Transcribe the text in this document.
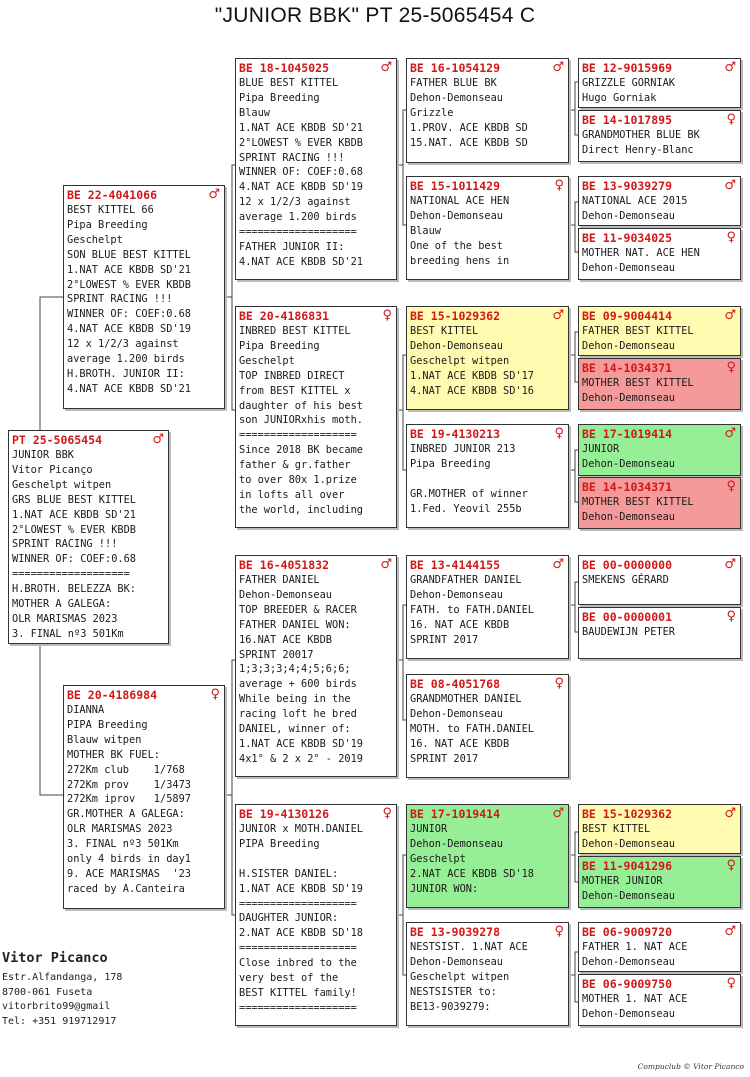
"JUNIOR BBK" PT 25-5065454 C
PT 25-5065454	♂
JUNIOR BBK
Vitor Picanço
Geschelpt witpen
GRS BLUE BEST KITTEL
1.NAT ACE KBDB SD'21
2°LOWEST % EVER KBDB
SPRINT RACING !!!
WINNER OF: COEF:0.68
===================
H.BROTH. BELEZZA BK:
MOTHER A GALEGA:
OLR MARISMAS 2023
3. FINAL nº3 501Km
BE 22-4041066	♂
BEST KITTEL 66
Pipa Breeding
Geschelpt
SON BLUE BEST KITTEL
1.NAT ACE KBDB SD'21
2°LOWEST % EVER KBDB
SPRINT RACING !!!
WINNER OF: COEF:0.68
4.NAT ACE KBDB SD'19
12 x 1/2/3 against
average 1.200 birds
H.BROTH. JUNIOR II:
4.NAT ACE KBDB SD'21
BE 20-4186984	♀
DIANNA
PIPA Breeding
Blauw witpen
MOTHER BK FUEL:
272Km club    1/768
272Km prov    1/3473
272Km iprov   1/5897
GR.MOTHER A GALEGA:
OLR MARISMAS 2023
3. FINAL nº3 501Km
only 4 birds in day1
9. ACE MARISMAS  '23
raced by A.Canteira
BE 18-1045025	♂
BLUE BEST KITTEL
Pipa Breeding
Blauw
1.NAT ACE KBDB SD'21
2°LOWEST % EVER KBDB
SPRINT RACING !!!
WINNER OF: COEF:0.68
4.NAT ACE KBDB SD'19
12 x 1/2/3 against
average 1.200 birds
===================
FATHER JUNIOR II:
4.NAT ACE KBDB SD'21
BE 20-4186831	♀
INBRED BEST KITTEL
Pipa Breeding
Geschelpt
TOP INBRED DIRECT
from BEST KITTEL x
daughter of his best
son JUNIORxhis moth.
===================
Since 2018 BK became
father & gr.father
to over 80x 1.prize
in lofts all over
the world, including
BE 16-4051832	♂
FATHER DANIEL
Dehon-Demonseau
TOP BREEDER & RACER
FATHER DANIEL WON:
16.NAT ACE KBDB
SPRINT 20017
1;3;3;3;4;4;5;6;6;
average + 600 birds
While being in the
racing loft he bred
DANIEL, winner of:
1.NAT ACE KBDB SD'19
4x1° & 2 x 2° - 2019
BE 19-4130126	♀
JUNIOR x MOTH.DANIEL
PIPA Breeding

H.SISTER DANIEL:
1.NAT ACE KBDB SD'19
===================
DAUGHTER JUNIOR:
2.NAT ACE KBDB SD'18
===================
Close inbred to the
very best of the
BEST KITTEL family!
===================
BE 16-1054129	♂
FATHER BLUE BK
Dehon-Demonseau
Grizzle
1.PROV. ACE KBDB SD
15.NAT. ACE KBDB SD
BE 15-1011429	♀
NATIONAL ACE HEN
Dehon-Demonseau
Blauw
One of the best
breeding hens in
BE 15-1029362	♂
BEST KITTEL
Dehon-Demonseau
Geschelpt witpen
1.NAT ACE KBDB SD'17
4.NAT ACE KBDB SD'16
BE 19-4130213	♀
INBRED JUNIOR 213
Pipa Breeding

GR.MOTHER of winner
1.Fed. Yeovil 255b
BE 13-4144155	♂
GRANDFATHER DANIEL
Dehon-Demonseau
FATH. to FATH.DANIEL
16. NAT ACE KBDB
SPRINT 2017
BE 08-4051768	♀
GRANDMOTHER DANIEL
Dehon-Demonseau
MOTH. to FATH.DANIEL
16. NAT ACE KBDB
SPRINT 2017
BE 17-1019414	♂
JUNIOR
Dehon-Demonseau
Geschelpt
2.NAT ACE KBDB SD'18
JUNIOR WON:
BE 13-9039278	♀
NESTSIST. 1.NAT ACE
Dehon-Demonseau
Geschelpt witpen
NESTSISTER to:
BE13-9039279:
BE 12-9015969	♂
GRIZZLE GORNIAK
Hugo Gorniak
BE 14-1017895	♀
GRANDMOTHER BLUE BK
Direct Henry-Blanc
BE 13-9039279	♂
NATIONAL ACE 2015
Dehon-Demonseau
BE 11-9034025	♀
MOTHER NAT. ACE HEN
Dehon-Demonseau
BE 09-9004414	♂
FATHER BEST KITTEL
Dehon-Demonseau
BE 14-1034371	♀
MOTHER BEST KITTEL
Dehon-Demonseau
BE 17-1019414	♂
JUNIOR
Dehon-Demonseau
BE 14-1034371	♀
MOTHER BEST KITTEL
Dehon-Demonseau
BE 00-0000000	♂
SMEKENS GÉRARD
BE 00-0000001	♀
BAUDEWIJN PETER
BE 15-1029362	♂
BEST KITTEL
Dehon-Demonseau
BE 11-9041296	♀
MOTHER JUNIOR
Dehon-Demonseau
BE 06-9009720	♂
FATHER 1. NAT ACE
Dehon-Demonseau
BE 06-9009750	♀
MOTHER 1. NAT ACE
Dehon-Demonseau
Vitor Picanco
Estr.Alfandanga, 178
8700-061 Fuseta
vitorbrito99@gmail
Tel: +351 919712917
Compuclub © Vitor Picanco
